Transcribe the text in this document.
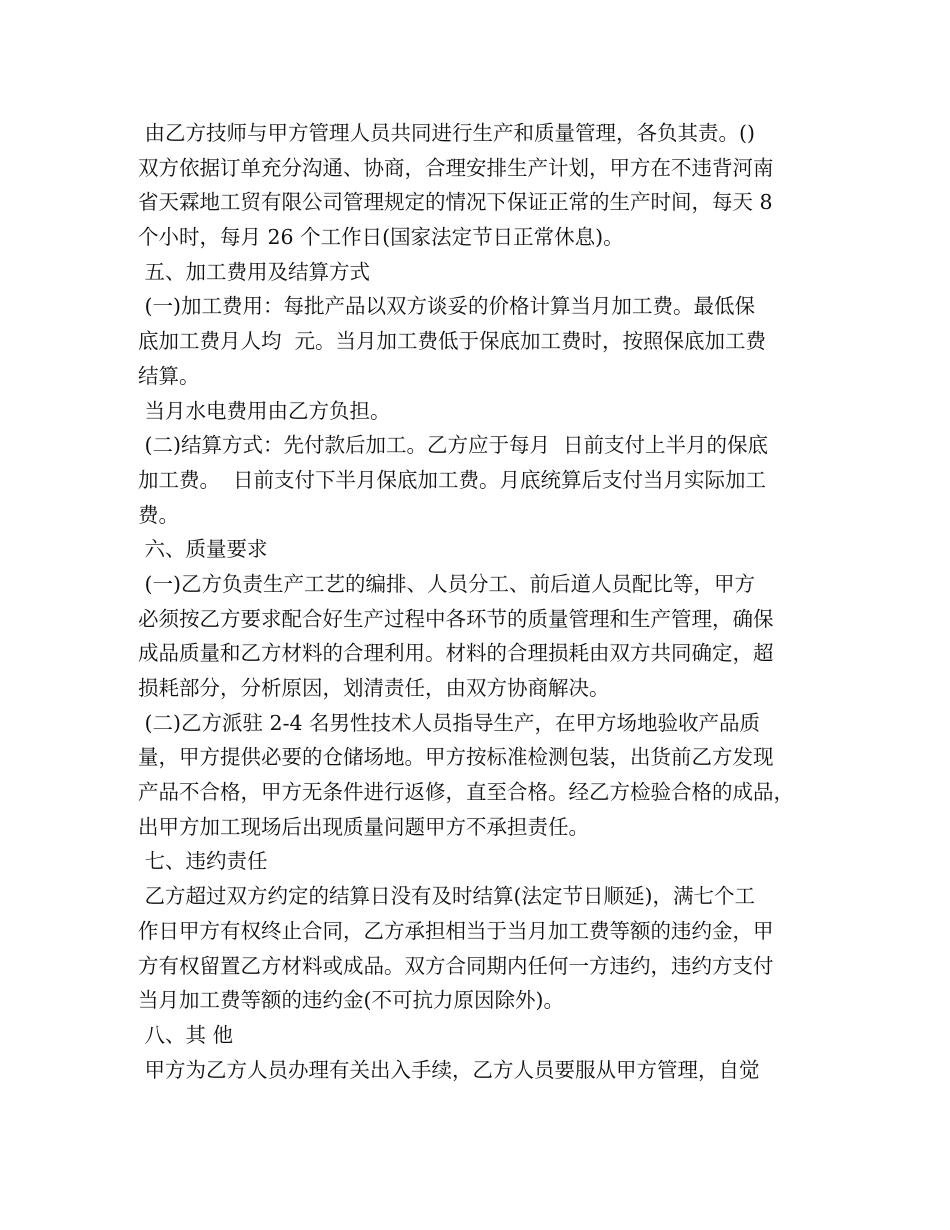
由乙方技师与甲方管理人员共同进行生产和质量管理，各负其责。()
双方依据订单充分沟通、协商，合理安排生产计划，甲方在不违背河南
省天霖地工贸有限公司管理规定的情况下保证正常的生产时间，每天 8
个小时，每月 26 个工作日(国家法定节日正常休息)。
五、加工费用及结算方式
(一)加工费用：每批产品以双方谈妥的价格计算当月加工费。最低保
底加工费月人均  元。当月加工费低于保底加工费时，按照保底加工费
结算。
当月水电费用由乙方负担。
(二)结算方式：先付款后加工。乙方应于每月  日前支付上半月的保底
加工费。  日前支付下半月保底加工费。月底统算后支付当月实际加工
费。
六、质量要求
(一)乙方负责生产工艺的编排、人员分工、前后道人员配比等，甲方
必须按乙方要求配合好生产过程中各环节的质量管理和生产管理，确保
成品质量和乙方材料的合理利用。材料的合理损耗由双方共同确定，超
损耗部分，分析原因，划清责任，由双方协商解决。
(二)乙方派驻 2-4 名男性技术人员指导生产，在甲方场地验收产品质
量，甲方提供必要的仓储场地。甲方按标准检测包装，出货前乙方发现
产品不合格，甲方无条件进行返修，直至合格。经乙方检验合格的成品，
出甲方加工现场后出现质量问题甲方不承担责任。
七、违约责任
乙方超过双方约定的结算日没有及时结算(法定节日顺延)，满七个工
作日甲方有权终止合同，乙方承担相当于当月加工费等额的违约金，甲
方有权留置乙方材料或成品。双方合同期内任何一方违约，违约方支付
当月加工费等额的违约金(不可抗力原因除外)。
八、其 他
甲方为乙方人员办理有关出入手续，乙方人员要服从甲方管理，自觉
